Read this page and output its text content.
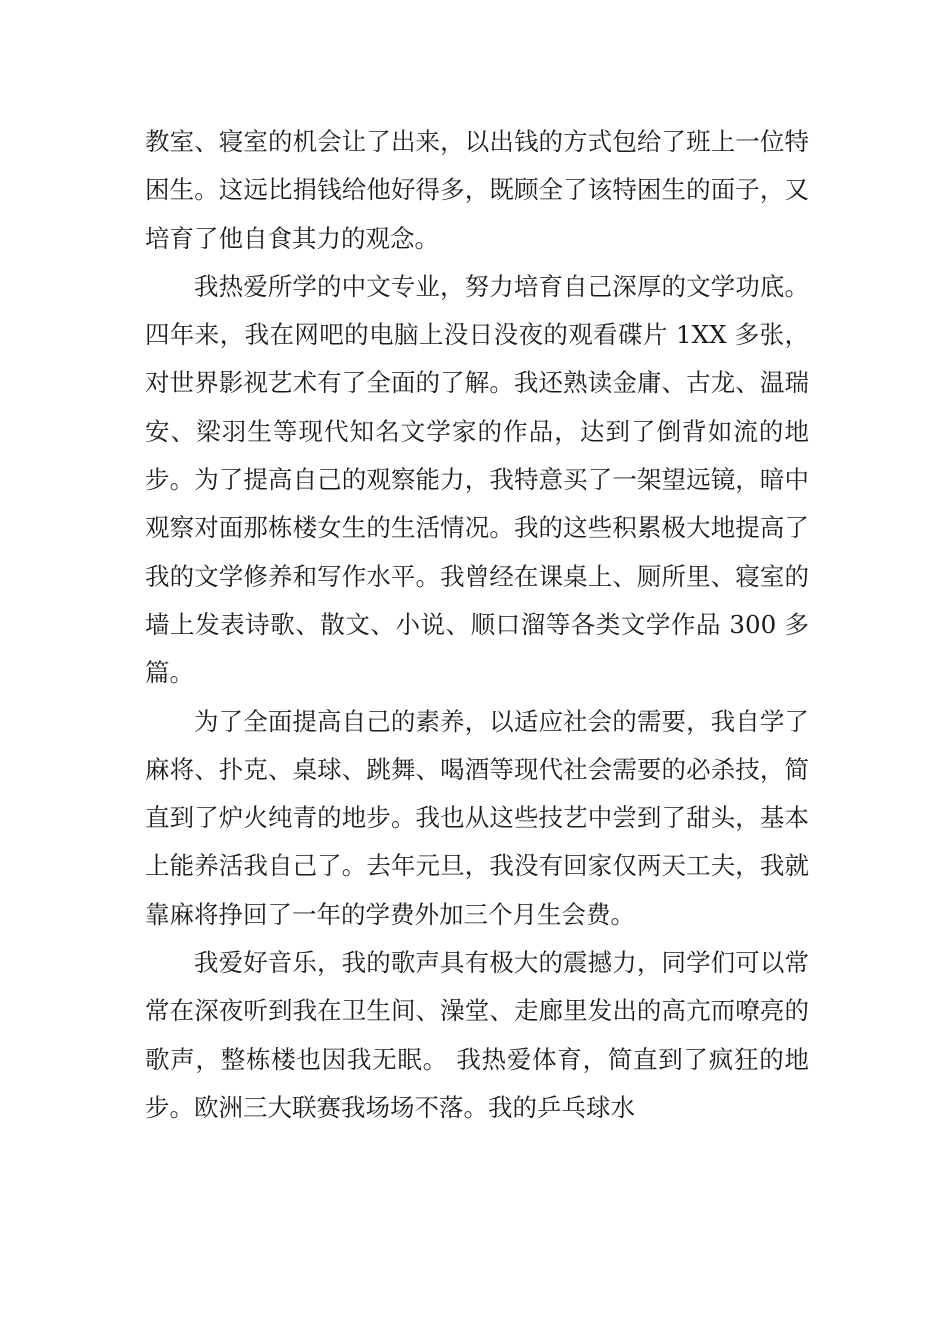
教室、寝室的机会让了出来，以出钱的方式包给了班上一位特困生。这远比捐钱给他好得多，既顾全了该特困生的面子，又培育了他自食其力的观念。

我热爱所学的中文专业，努力培育自己深厚的文学功底。四年来，我在网吧的电脑上没日没夜的观看碟片 1XX 多张，对世界影视艺术有了全面的了解。我还熟读金庸、古龙、温瑞安、梁羽生等现代知名文学家的作品，达到了倒背如流的地步。为了提高自己的观察能力，我特意买了一架望远镜，暗中观察对面那栋楼女生的生活情况。我的这些积累极大地提高了我的文学修养和写作水平。我曾经在课桌上、厕所里、寝室的墙上发表诗歌、散文、小说、顺口溜等各类文学作品 300 多篇。

为了全面提高自己的素养，以适应社会的需要，我自学了麻将、扑克、桌球、跳舞、喝酒等现代社会需要的必杀技，简直到了炉火纯青的地步。我也从这些技艺中尝到了甜头，基本上能养活我自己了。去年元旦，我没有回家仅两天工夫，我就靠麻将挣回了一年的学费外加三个月生会费。

我爱好音乐，我的歌声具有极大的震撼力，同学们可以常常在深夜听到我在卫生间、澡堂、走廊里发出的高亢而嘹亮的歌声，整栋楼也因我无眠。 我热爱体育，简直到了疯狂的地步。欧洲三大联赛我场场不落。我的乒乓球水
